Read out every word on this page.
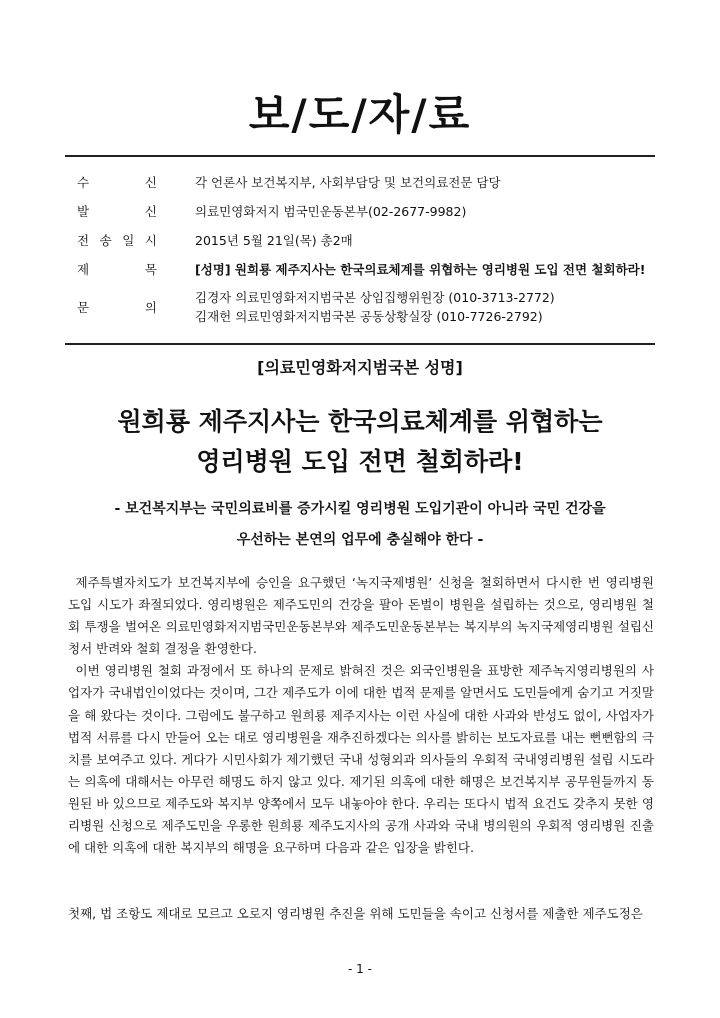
보/도/자/료
수	신	각 언론사 보건복지부, 사회부담당 및 보건의료전문 담당
발	신	의료민영화저지 범국민운동본부(02-2677-9982)
전 송 일 시	2015년 5월 21일(목) 총2매
제	목	[성명] 원희룡 제주지사는 한국의료체계를 위협하는 영리병원 도입 전면 철회하라!
문	의
김경자 의료민영화저지범국본 상임집행위원장 (010-3713-2772)
김재헌 의료민영화저지범국본 공동상황실장 (010-7726-2792)
[의료민영화저지범국본 성명]
원희룡 제주지사는 한국의료체계를 위협하는
영리병원 도입 전면 철회하라!
- 보건복지부는 국민의료비를 증가시킬 영리병원 도입기관이 아니라 국민 건강을
우선하는 본연의 업무에 충실해야 한다 -

제주특별자치도가 보건복지부에 승인을 요구했던 ‘녹지국제병원’ 신청을 철회하면서 다시한 번 영리병원 도입 시도가 좌절되었다. 영리병원은 제주도민의 건강을 팔아 돈벌이 병원을 설립하는 것으로, 영리병원 철회 투쟁을 벌여온 의료민영화저지범국민운동본부와 제주도민운동본부는 복지부의 녹지국제영리병원 설립신청서 반려와 철회 결정을 환영한다.

이번 영리병원 철회 과정에서 또 하나의 문제로 밝혀진 것은 외국인병원을 표방한 제주녹지영리병원의 사업자가 국내법인이었다는 것이며, 그간 제주도가 이에 대한 법적 문제를 알면서도 도민들에게 숨기고 거짓말을 해 왔다는 것이다. 그럼에도 불구하고 원희룡 제주지사는 이런 사실에 대한 사과와 반성도 없이, 사업자가 법적 서류를 다시 만들어 오는 대로 영리병원을 재추진하겠다는 의사를 밝히는 보도자료를 내는 뻔뻔함의 극치를 보여주고 있다. 게다가 시민사회가 제기했던 국내 성형외과 의사들의 우회적 국내영리병원 설립 시도라는 의혹에 대해서는 아무런 해명도 하지 않고 있다. 제기된 의혹에 대한 해명은 보건복지부 공무원들까지 동원된 바 있으므로 제주도와 복지부 양쪽에서 모두 내놓아야 한다. 우리는 또다시 법적 요건도 갖추지 못한 영리병원 신청으로 제주도민을 우롱한 원희룡 제주도지사의 공개 사과와 국내 병의원의 우회적 영리병원 진출에 대한 의혹에 대한 복지부의 해명을 요구하며 다음과 같은 입장을 밝힌다.

첫째, 법 조항도 제대로 모르고 오로지 영리병원 추진을 위해 도민들을 속이고 신청서를 제출한 제주도정은
- 1 -
